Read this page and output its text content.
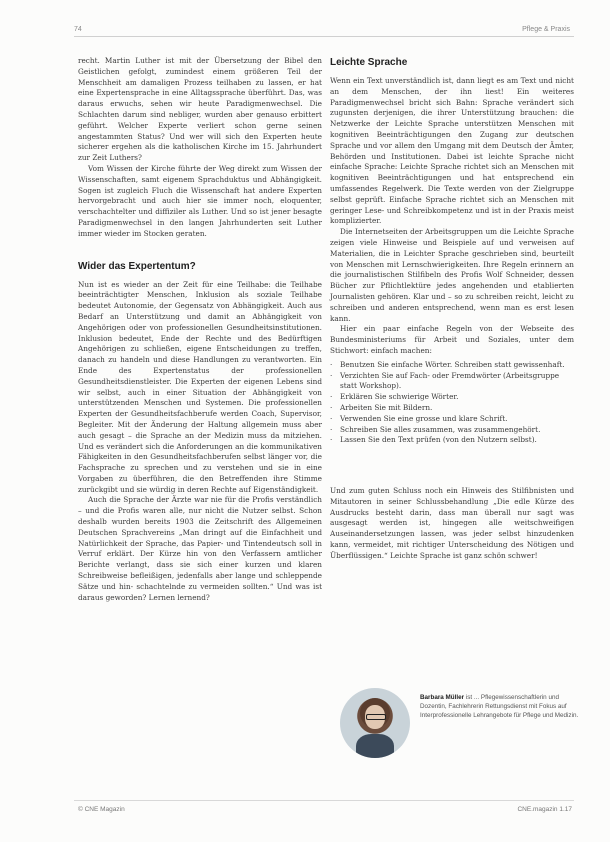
74	Pflege & Praxis

recht. Martin Luther ist mit der Übersetzung der Bibel den Geistlichen gefolgt, zumindest einem größeren Teil der Menschheit am damaligen Prozess teilhaben zu lassen, er hat eine Expertensprache in eine Alltagssprache überführt. Das, was daraus erwuchs, sehen wir heute Paradigmenwechsel. Die Schlachten darum sind nebliger, wurden aber genauso erbittert geführt. Welcher Experte verliert schon gerne seinen angestammten Status? Und wer will sich den Experten heute sicherer ergehen als die katholischen Kirche im 15. Jahrhundert zur Zeit Luthers?

Vom Wissen der Kirche führte der Weg direkt zum Wissen der Wissenschaften, samt eigenem Sprachduktus und Abhängigkeit. Sogen ist zugleich Fluch die Wissenschaft hat andere Experten hervorgebracht und auch hier sie immer noch, eloquenter, verschachtelter und diffiziler als Luther. Und so ist jener besagte Paradigmenwechsel in den langen Jahrhunderten seit Luther immer wieder im Stocken geraten.

Wider das Expertentum?

Nun ist es wieder an der Zeit für eine Teilhabe: die Teilhabe beeinträchtigter Menschen, Inklusion als soziale Teilhabe bedeutet Autonomie, der Gegensatz von Abhängigkeit. Auch aus Bedarf an Unterstützung und damit an Abhängigkeit von Angehörigen oder von professionellen Gesundheitsinstitutionen. Inklusion bedeutet, Ende der Rechte und des Bedürftigen Angehörigen zu schließen, eigene Entscheidungen zu treffen, danach zu handeln und diese Handlungen zu verantworten. Ein Ende des Expertenstatus der professionellen Gesundheitsdienstleister. Die Experten der eigenen Lebens sind wir selbst, auch in einer Situation der Abhängigkeit von unterstützenden Menschen und Systemen. Die professionellen Experten der Gesundheitsfachberufe werden Coach, Supervisor, Begleiter. Mit der Änderung der Haltung allgemein muss aber auch gesagt – die Sprache an der Medizin muss da mitziehen. Und es verändert sich die Anforderungen an die kommunikativen Fähigkeiten in den Gesundheitsfachberufen selbst länger vor, die Fachsprache zu sprechen und zu verstehen und sie in eine Vorgaben zu überführen, die den Betreffenden ihre Stimme zurückgibt und sie würdig in deren Rechte auf Eigenständigkeit.

Auch die Sprache der Ärzte war nie für die Profis verständlich – und die Profis waren alle, nur nicht die Nutzer selbst. Schon deshalb wurden bereits 1903 die Zeitschrift des Allgemeinen Deutschen Sprachvereins „Man dringt auf die Einfachheit und Natürlichkeit der Sprache, das Papier- und Tintendeutsch soll in Verruf erklärt. Der Kürze hin von den Verfassern amtlicher Berichte verlangt, dass sie sich einer kurzen und klaren Schreibweise befleißigen, jedenfalls aber lange und schleppende Sätze und hin- schachtelnde zu vermeiden sollten.“ Und was ist daraus geworden? Lernen lernend?

Leichte Sprache

Wenn ein Text unverständlich ist, dann liegt es am Text und nicht an dem Menschen, der ihn liest! Ein weiteres Paradigmenwechsel bricht sich Bahn: Sprache verändert sich zugunsten derjenigen, die ihrer Unterstützung brauchen: die Netzwerke der Leichte Sprache unterstützen Menschen mit kognitiven Beeinträchtigungen den Zugang zur deutschen Sprache und vor allem den Umgang mit dem Deutsch der Ämter, Behörden und Institutionen. Dabei ist leichte Sprache nicht einfache Sprache: Leichte Sprache richtet sich an Menschen mit kognitiven Beeinträchtigungen und hat entsprechend ein umfassendes Regelwerk. Die Texte werden von der Zielgruppe selbst geprüft. Einfache Sprache richtet sich an Menschen mit geringer Lese- und Schreibkompetenz und ist in der Praxis meist komplizierter.

Die Internetseiten der Arbeitsgruppen um die Leichte Sprache zeigen viele Hinweise und Beispiele auf und verweisen auf Materialien, die in Leichter Sprache geschrieben sind, beurteilt von Menschen mit Lernschwierigkeiten. Ihre Regeln erinnern an die journalistischen Stilfibeln des Profis Wolf Schneider, dessen Bücher zur Pflichtlektüre jedes angehenden und etablierten Journalisten gehören. Klar und – so zu schreiben reicht, leicht zu schreiben und anderen entsprechend, wenn man es erst lesen kann.

Hier ein paar einfache Regeln von der Webseite des Bundesministeriums für Arbeit und Soziales, unter dem Stichwort: einfach machen:

· Benutzen Sie einfache Wörter. Schreiben statt gewissenhaft.
· Verzichten Sie auf Fach- oder Fremdwörter (Arbeitsgruppe statt Workshop).
· Erklären Sie schwierige Wörter.
· Arbeiten Sie mit Bildern.
· Verwenden Sie eine grosse und klare Schrift.
· Schreiben Sie alles zusammen, was zusammengehört.
· Lassen Sie den Text prüfen (von den Nutzern selbst).

Und zum guten Schluss noch ein Hinweis des Stilfibnisten und Mitautoren in seiner Schlussbehandlung „Die edle Kürze des Ausdrucks besteht darin, dass man überall nur sagt was ausgesagt werden ist, hingegen alle weitschweifigen Auseinandersetzungen lassen, was jeder selbst hinzudenken kann, vermeidet, mit richtiger Unterscheidung des Nötigen und Überflüssigen.“ Leichte Sprache ist ganz schön schwer!

Barbara Müller ist ... Pflegewissenschaftlerin und Dozentin, Fachlehrerin Rettungsdienst mit Fokus auf Interprofessionelle Lehrangebote für Pflege und Medizin.
© CNE Magazin	CNE.magazin 1.17
